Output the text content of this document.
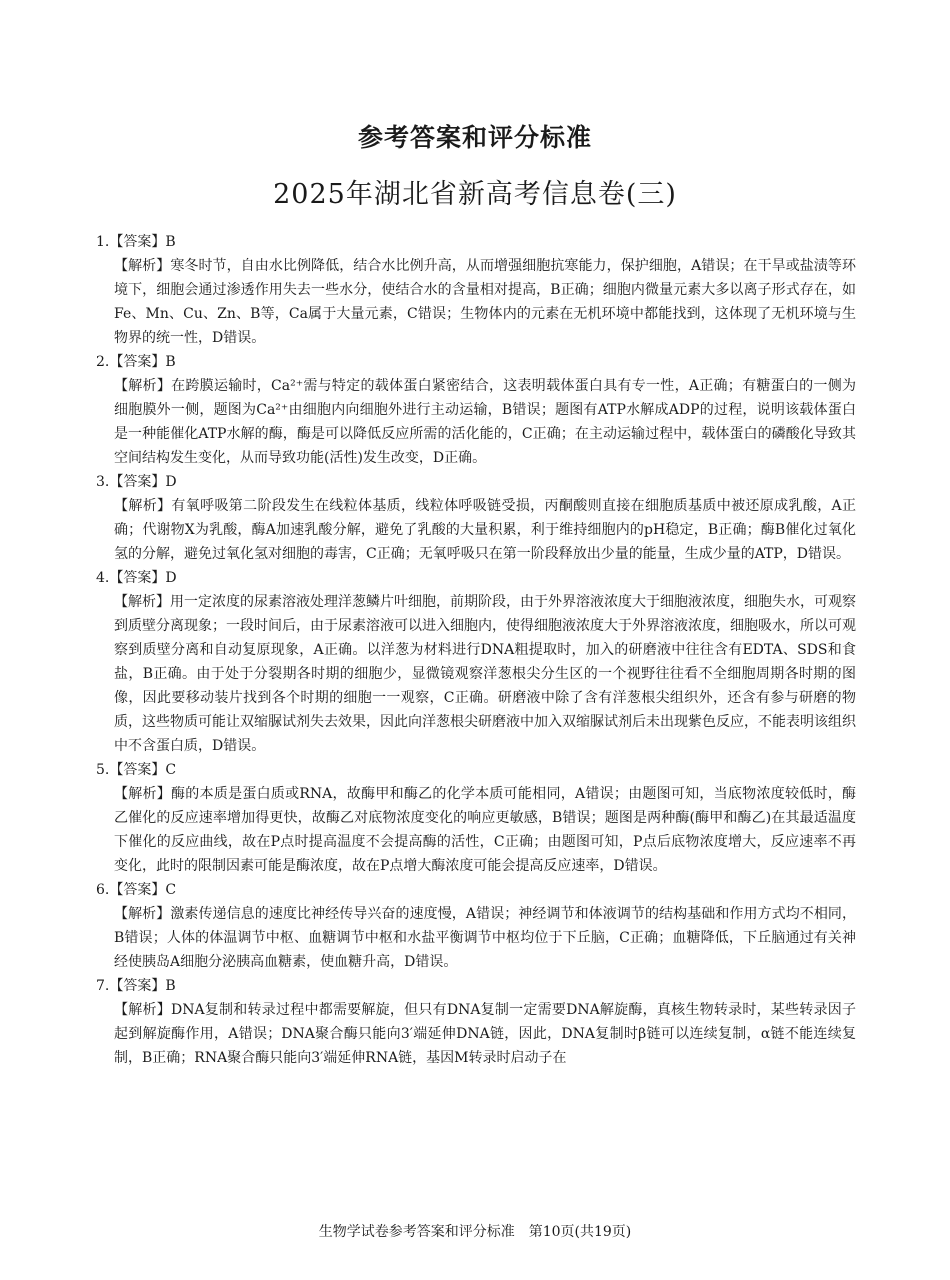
参考答案和评分标准
2025年湖北省新高考信息卷(三)
1.【答案】B
【解析】寒冬时节，自由水比例降低，结合水比例升高，从而增强细胞抗寒能力，保护细胞，A错误；在干旱或盐渍等环境下，细胞会通过渗透作用失去一些水分，使结合水的含量相对提高，B正确；细胞内微量元素大多以离子形式存在，如Fe、Mn、Cu、Zn、B等，Ca属于大量元素，C错误；生物体内的元素在无机环境中都能找到，这体现了无机环境与生物界的统一性，D错误。
2.【答案】B
【解析】在跨膜运输时，Ca²⁺需与特定的载体蛋白紧密结合，这表明载体蛋白具有专一性，A正确；有糖蛋白的一侧为细胞膜外一侧，题图为Ca²⁺由细胞内向细胞外进行主动运输，B错误；题图有ATP水解成ADP的过程，说明该载体蛋白是一种能催化ATP水解的酶，酶是可以降低反应所需的活化能的，C正确；在主动运输过程中，载体蛋白的磷酸化导致其空间结构发生变化，从而导致功能(活性)发生改变，D正确。
3.【答案】D
【解析】有氧呼吸第二阶段发生在线粒体基质，线粒体呼吸链受损，丙酮酸则直接在细胞质基质中被还原成乳酸，A正确；代谢物X为乳酸，酶A加速乳酸分解，避免了乳酸的大量积累，利于维持细胞内的pH稳定，B正确；酶B催化过氧化氢的分解，避免过氧化氢对细胞的毒害，C正确；无氧呼吸只在第一阶段释放出少量的能量，生成少量的ATP，D错误。
4.【答案】D
【解析】用一定浓度的尿素溶液处理洋葱鳞片叶细胞，前期阶段，由于外界溶液浓度大于细胞液浓度，细胞失水，可观察到质壁分离现象；一段时间后，由于尿素溶液可以进入细胞内，使得细胞液浓度大于外界溶液浓度，细胞吸水，所以可观察到质壁分离和自动复原现象，A正确。以洋葱为材料进行DNA粗提取时，加入的研磨液中往往含有EDTA、SDS和食盐，B正确。由于处于分裂期各时期的细胞少，显微镜观察洋葱根尖分生区的一个视野往往看不全细胞周期各时期的图像，因此要移动装片找到各个时期的细胞一一观察，C正确。研磨液中除了含有洋葱根尖组织外，还含有参与研磨的物质，这些物质可能让双缩脲试剂失去效果，因此向洋葱根尖研磨液中加入双缩脲试剂后未出现紫色反应，不能表明该组织中不含蛋白质，D错误。
5.【答案】C
【解析】酶的本质是蛋白质或RNA，故酶甲和酶乙的化学本质可能相同，A错误；由题图可知，当底物浓度较低时，酶乙催化的反应速率增加得更快，故酶乙对底物浓度变化的响应更敏感，B错误；题图是两种酶(酶甲和酶乙)在其最适温度下催化的反应曲线，故在P点时提高温度不会提高酶的活性，C正确；由题图可知，P点后底物浓度增大，反应速率不再变化，此时的限制因素可能是酶浓度，故在P点增大酶浓度可能会提高反应速率，D错误。
6.【答案】C
【解析】激素传递信息的速度比神经传导兴奋的速度慢，A错误；神经调节和体液调节的结构基础和作用方式均不相同，B错误；人体的体温调节中枢、血糖调节中枢和水盐平衡调节中枢均位于下丘脑，C正确；血糖降低，下丘脑通过有关神经使胰岛A细胞分泌胰高血糖素，使血糖升高，D错误。
7.【答案】B
【解析】DNA复制和转录过程中都需要解旋，但只有DNA复制一定需要DNA解旋酶，真核生物转录时，某些转录因子起到解旋酶作用，A错误；DNA聚合酶只能向3′端延伸DNA链，因此，DNA复制时β链可以连续复制，α链不能连续复制，B正确；RNA聚合酶只能向3′端延伸RNA链，基因M转录时启动子在
生物学试卷参考答案和评分标准　第10页(共19页)
